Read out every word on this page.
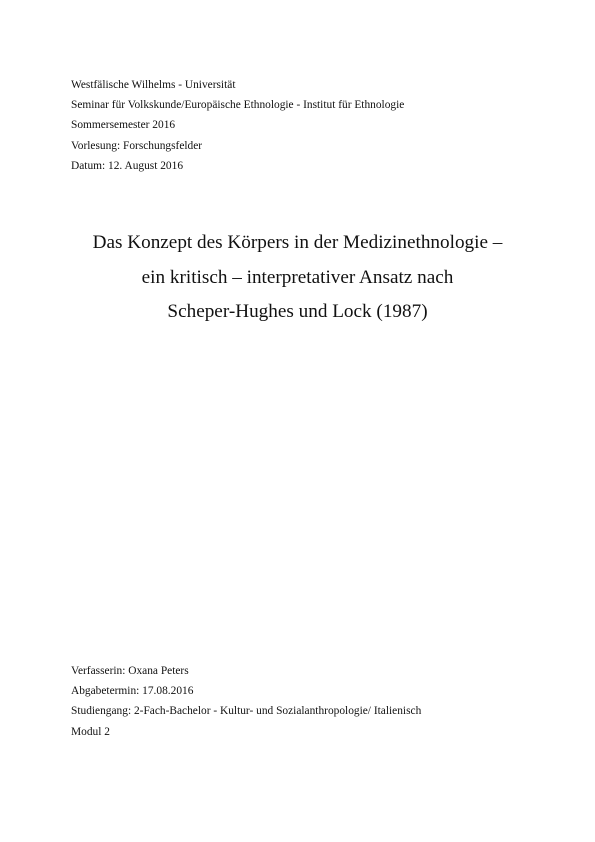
Westfälische Wilhelms - Universität
Seminar für Volkskunde/Europäische Ethnologie - Institut für Ethnologie
Sommersemester 2016
Vorlesung: Forschungsfelder
Datum: 12. August 2016
Das Konzept des Körpers in der Medizinethnologie –
ein kritisch – interpretativer Ansatz nach
Scheper-Hughes und Lock (1987)
Verfasserin: Oxana Peters
Abgabetermin: 17.08.2016
Studiengang: 2-Fach-Bachelor - Kultur- und Sozialanthropologie/ Italienisch
Modul 2
